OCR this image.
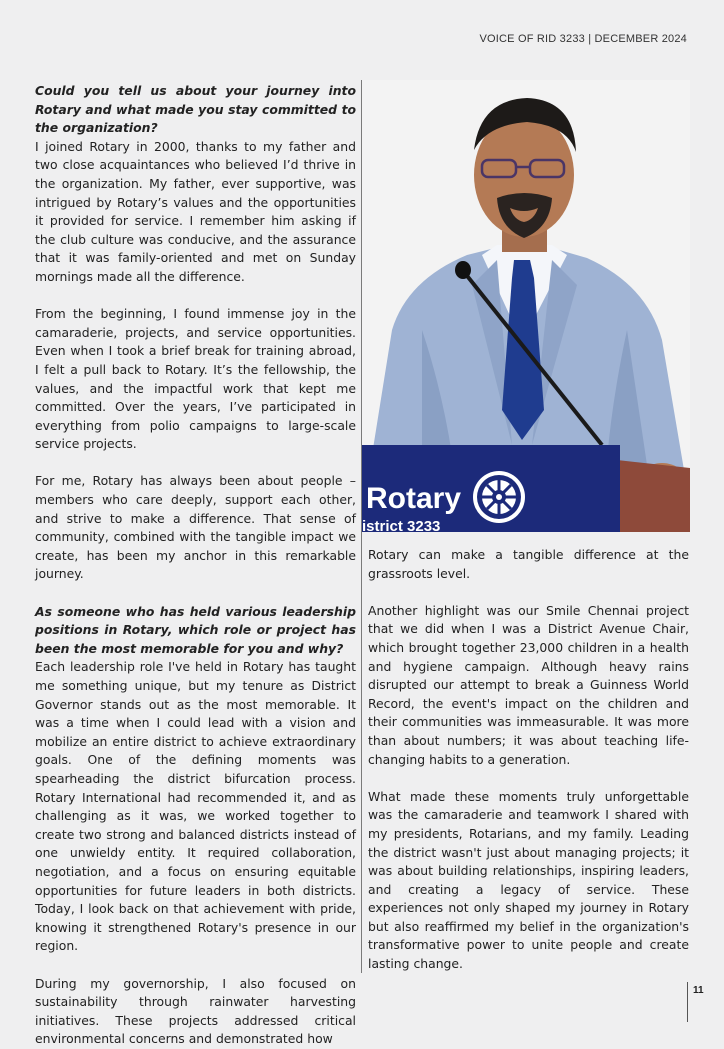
VOICE OF RID 3233 | DECEMBER 2024

Could you tell us about your journey into Rotary and what made you stay committed to the organization?

I joined Rotary in 2000, thanks to my father and two close acquaintances who believed I’d thrive in the organization. My father, ever supportive, was intrigued by Rotary’s values and the opportunities it provided for service. I remember him asking if the club culture was conducive, and the assurance that it was family-oriented and met on Sunday mornings made all the difference.

From the beginning, I found immense joy in the camaraderie, projects, and service opportunities. Even when I took a brief break for training abroad, I felt a pull back to Rotary. It’s the fellowship, the values, and the impactful work that kept me committed. Over the years, I’ve participated in everything from polio campaigns to large-scale service projects.

For me, Rotary has always been about people – members who care deeply, support each other, and strive to make a difference. That sense of community, combined with the tangible impact we create, has been my anchor in this remarkable journey.

As someone who has held various leadership positions in Rotary, which role or project has been the most memorable for you and why?

Each leadership role I've held in Rotary has taught me something unique, but my tenure as District Governor stands out as the most memorable. It was a time when I could lead with a vision and mobilize an entire district to achieve extraordinary goals. One of the defining moments was spearheading the district bifurcation process. Rotary International had recommended it, and as challenging as it was, we worked together to create two strong and balanced districts instead of one unwieldy entity. It required collaboration, negotiation, and a focus on ensuring equitable opportunities for future leaders in both districts. Today, I look back on that achievement with pride, knowing it strengthened Rotary's presence in our region.

During my governorship, I also focused on sustainability through rainwater harvesting initiatives. These projects addressed critical environmental concerns and demonstrated how

Rotary
istrict 3233

Rotary can make a tangible difference at the grassroots level.

Another highlight was our Smile Chennai project that we did when I was a District Avenue Chair, which brought together 23,000 children in a health and hygiene campaign. Although heavy rains disrupted our attempt to break a Guinness World Record, the event's impact on the children and their communities was immeasurable. It was more than about numbers; it was about teaching life-changing habits to a generation.

What made these moments truly unforgettable was the camaraderie and teamwork I shared with my presidents, Rotarians, and my family. Leading the district wasn't just about managing projects; it was about building relationships, inspiring leaders, and creating a legacy of service. These experiences not only shaped my journey in Rotary but also reaffirmed my belief in the organization's transformative power to unite people and create lasting change.

11
